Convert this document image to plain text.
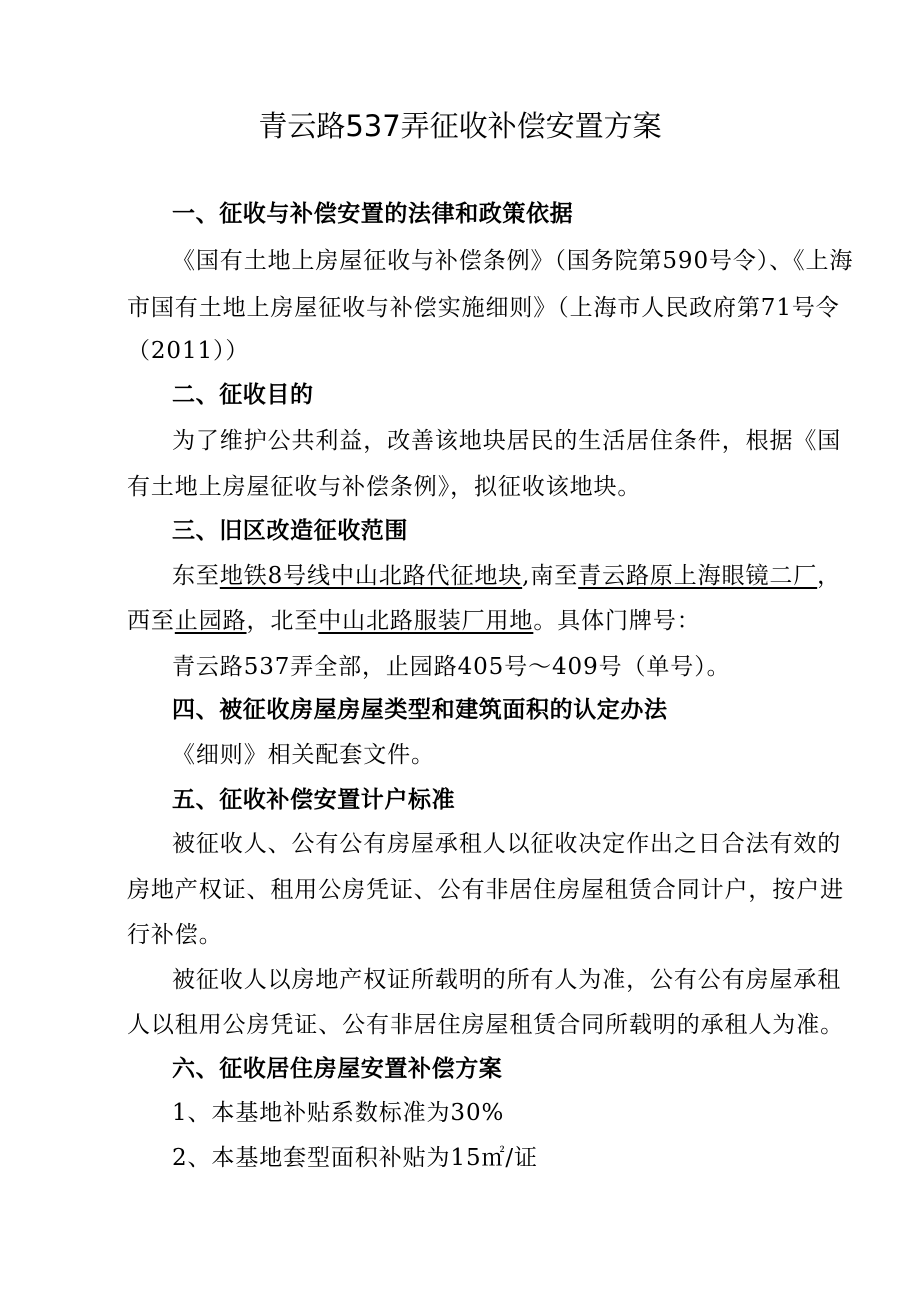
青云路537弄征收补偿安置方案
一、征收与补偿安置的法律和政策依据
《国有土地上房屋征收与补偿条例》（国务院第590号令）、《上海
市国有土地上房屋征收与补偿实施细则》（上海市人民政府第71号令
（2011））
二、征收目的
为了维护公共利益，改善该地块居民的生活居住条件，根据《国
有土地上房屋征收与补偿条例》，拟征收该地块。
三、旧区改造征收范围
东至地铁8号线中山北路代征地块,南至青云路原上海眼镜二厂，
西至止园路，北至中山北路服装厂用地。具体门牌号：
青云路537弄全部，止园路405号～409号（单号）。
四、被征收房屋房屋类型和建筑面积的认定办法
《细则》相关配套文件。
五、征收补偿安置计户标准
被征收人、公有公有房屋承租人以征收决定作出之日合法有效的
房地产权证、租用公房凭证、公有非居住房屋租赁合同计户，按户进
行补偿。
被征收人以房地产权证所载明的所有人为准，公有公有房屋承租
人以租用公房凭证、公有非居住房屋租赁合同所载明的承租人为准。
六、征收居住房屋安置补偿方案
1、本基地补贴系数标准为30%
2、本基地套型面积补贴为15㎡/证
